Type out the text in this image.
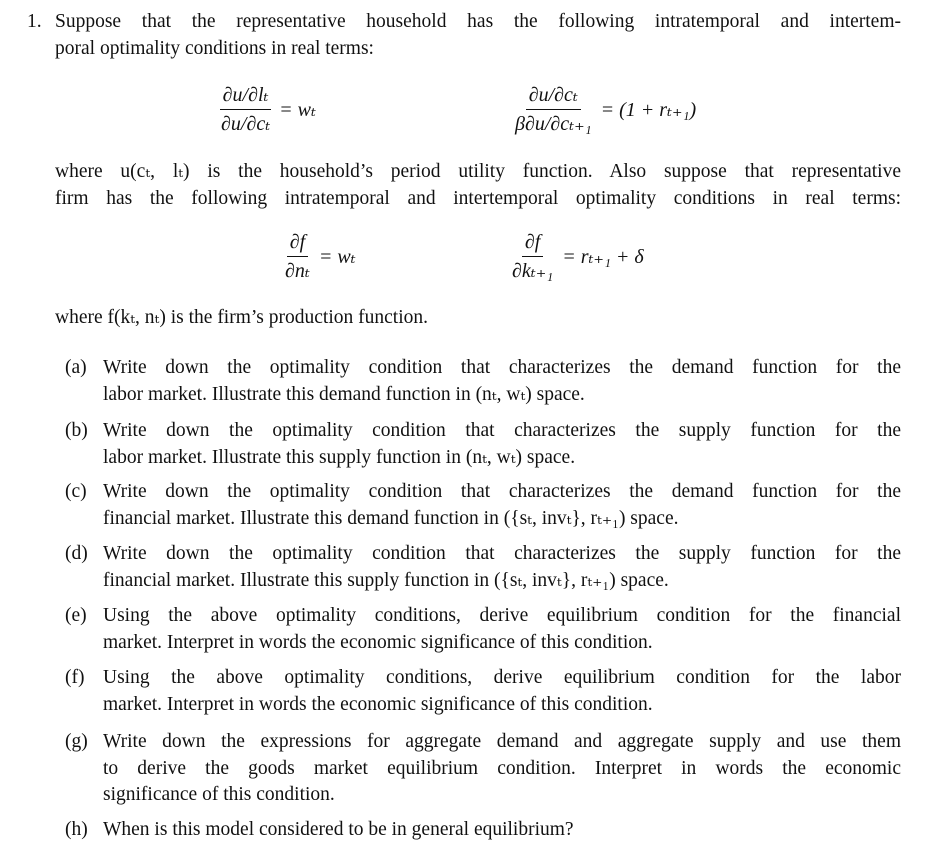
1. Suppose that the representative household has the following intratemporal and intertem-
poral optimality conditions in real terms:
$\frac{\text{∂u/∂lₜ}}{\text{∂u/∂cₜ}} = w_t$	$\frac{\text{∂u/∂cₜ}}{\text{β∂u/∂cₜ₊₁}} = (1 + r_{t+1})$
where u(cₜ, lₜ) is the household’s period utility function. Also suppose that representative
firm has the following intratemporal and intertemporal optimality conditions in real terms:
$\frac{\partial f}{\text{∂nₜ}} = w_t$	$\frac{\partial f}{\text{∂kₜ₊₁}} = r_{t+1} + \delta$
where f(kₜ, nₜ) is the firm’s production function.
(a) Write down the optimality condition that characterizes the demand function for the
labor market. Illustrate this demand function in (nₜ, wₜ) space.
(b) Write down the optimality condition that characterizes the supply function for the
labor market. Illustrate this supply function in (nₜ, wₜ) space.
(c) Write down the optimality condition that characterizes the demand function for the
financial market. Illustrate this demand function in ({sₜ, invₜ}, rₜ₊₁) space.
(d) Write down the optimality condition that characterizes the supply function for the
financial market. Illustrate this supply function in ({sₜ, invₜ}, rₜ₊₁) space.
(e) Using the above optimality conditions, derive equilibrium condition for the financial
market. Interpret in words the economic significance of this condition.
(f) Using the above optimality conditions, derive equilibrium condition for the labor
market. Interpret in words the economic significance of this condition.
(g) Write down the expressions for aggregate demand and aggregate supply and use them
to derive the goods market equilibrium condition. Interpret in words the economic
significance of this condition.
(h) When is this model considered to be in general equilibrium?
